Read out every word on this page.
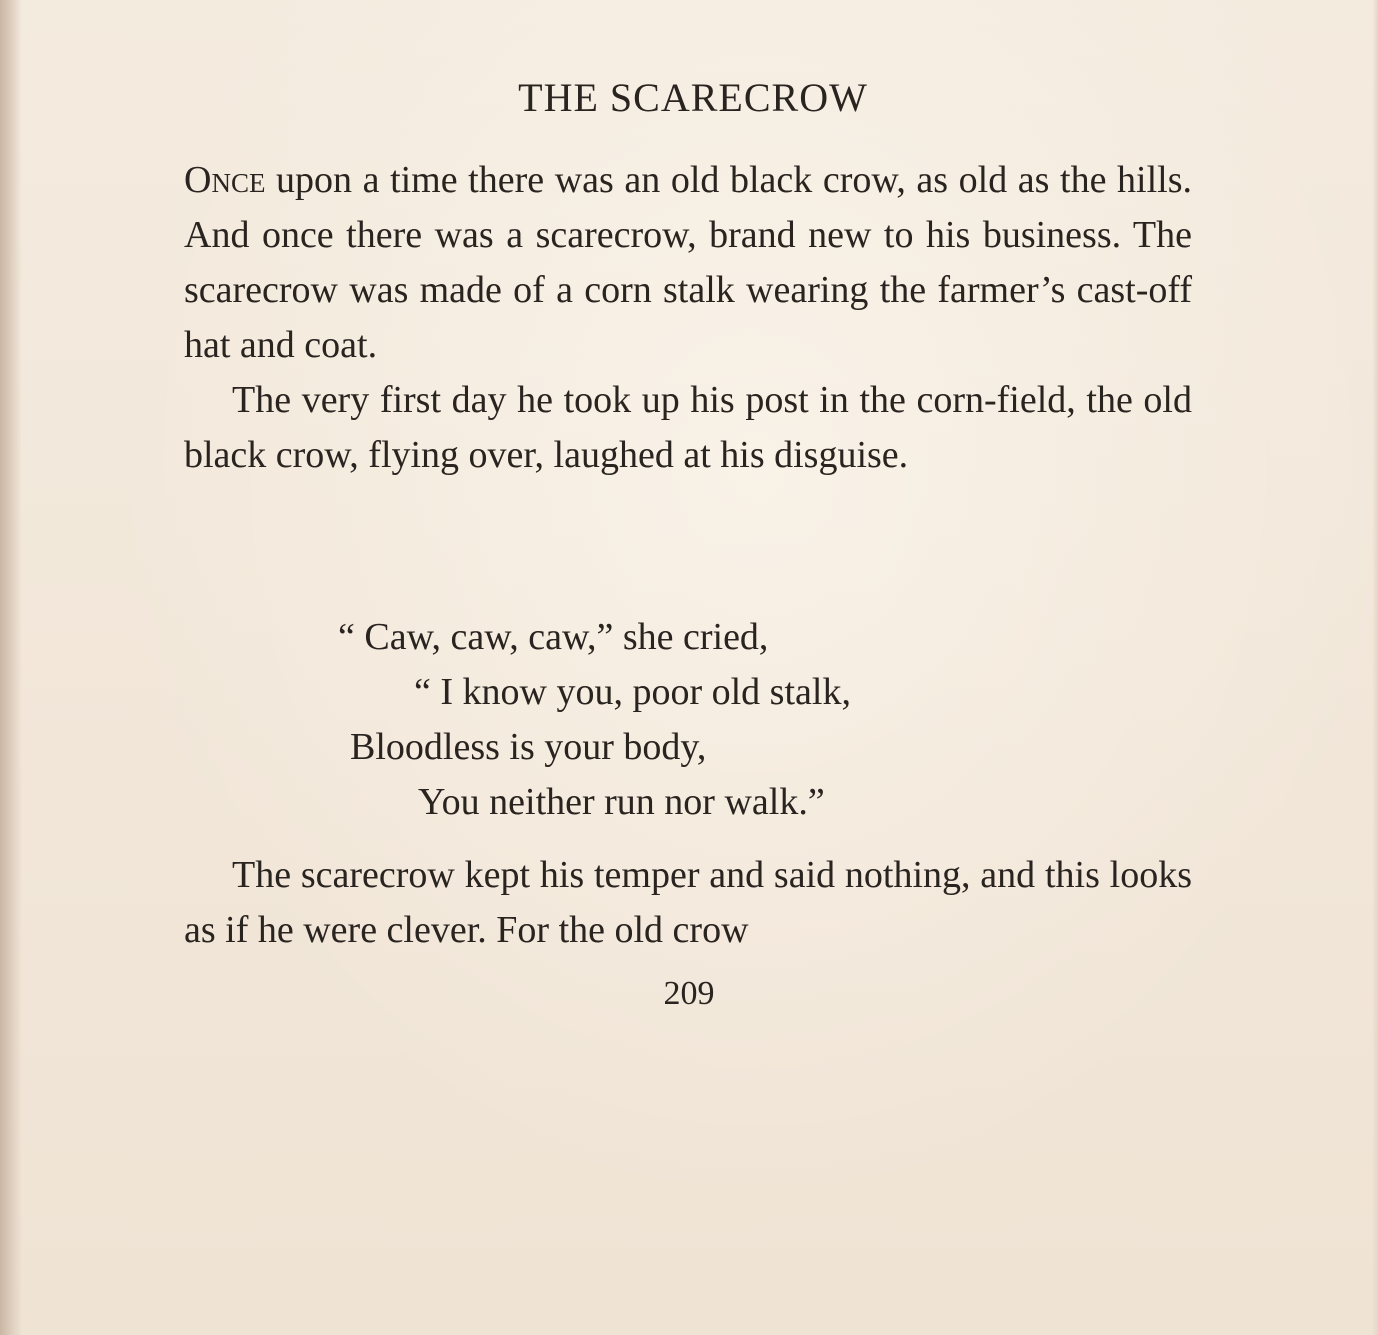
THE SCARECROW

Once upon a time there was an old black crow, as old as the hills. And once there was a scarecrow, brand new to his business. The scarecrow was made of a corn stalk wearing the farmer’s cast-off hat and coat.

The very first day he took up his post in the corn-field, the old black crow, flying over, laughed at his disguise.

“ Caw, caw, caw,” she cried,
“ I know you, poor old stalk,
Bloodless is your body,
You neither run nor walk.”

The scarecrow kept his temper and said nothing, and this looks as if he were clever. For the old crow

209
